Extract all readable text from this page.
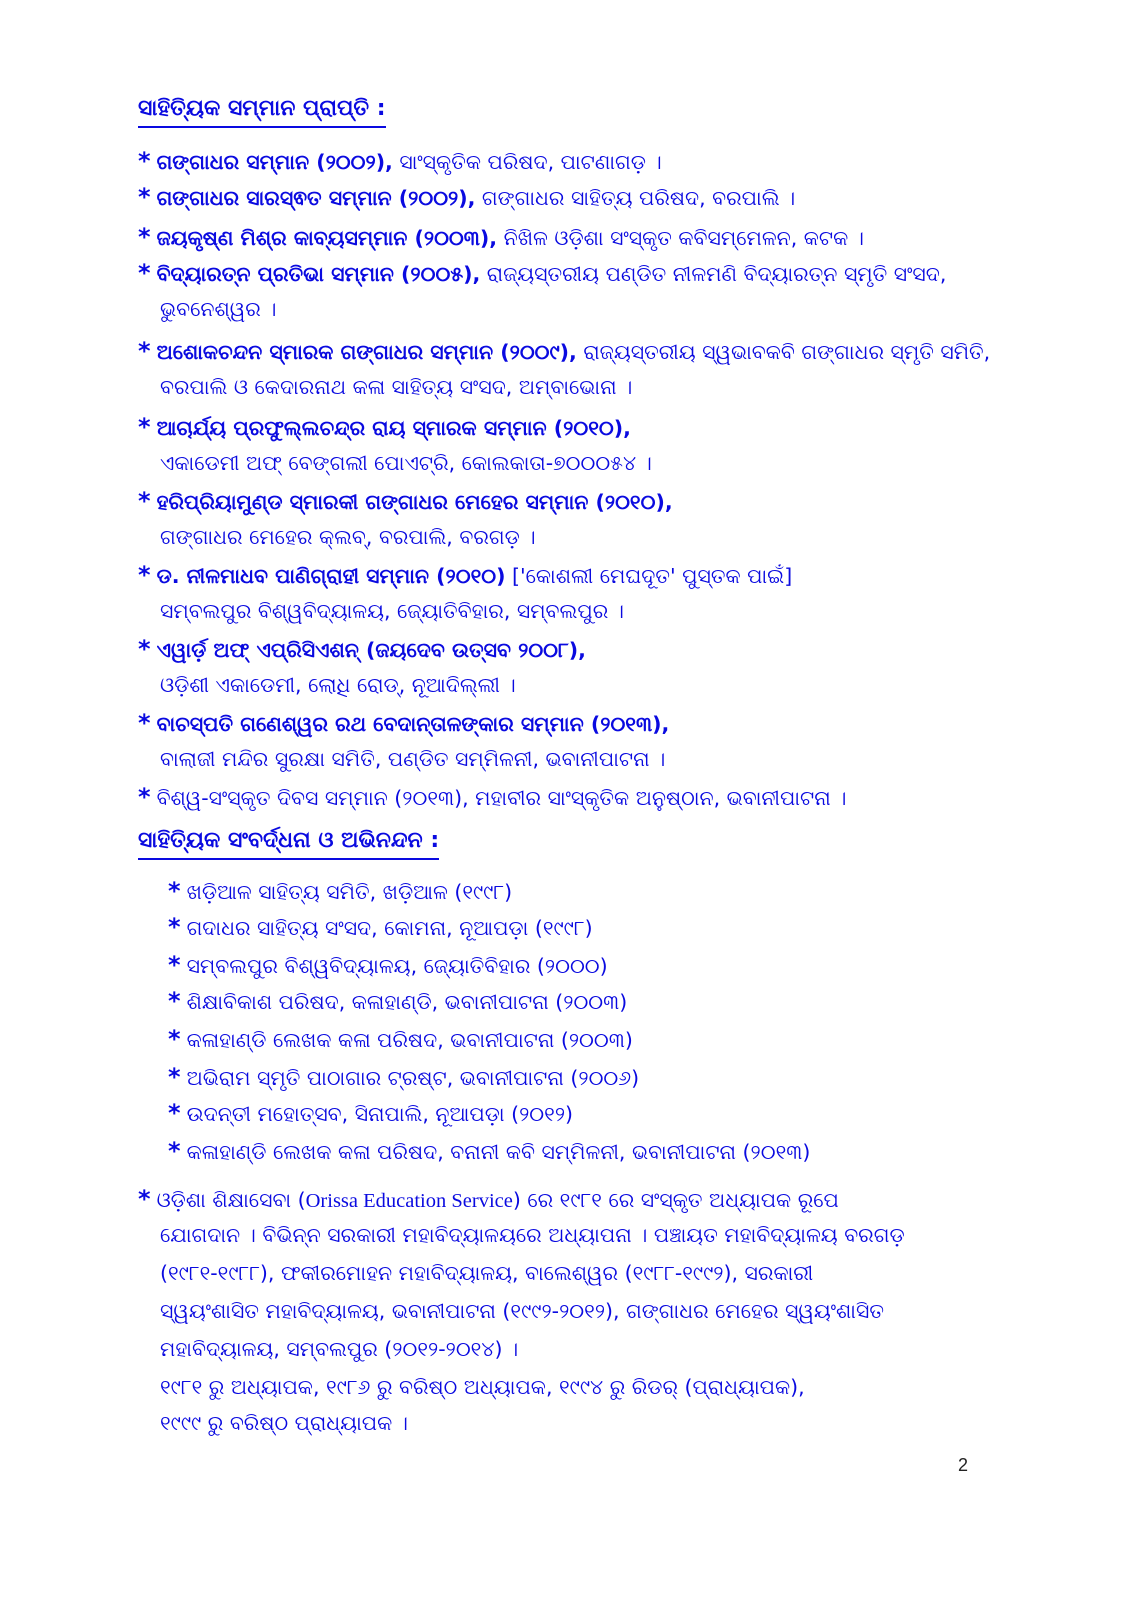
ସାହିତ୍ୟିକ ସମ୍ମାନ ପ୍ରାପ୍ତି :
* ଗଙ୍ଗାଧର ସମ୍ମାନ (୨୦୦୨), ସାଂସ୍କୃତିକ ପରିଷଦ, ପାଟଣାଗଡ଼ ।
* ଗଙ୍ଗାଧର ସାରସ୍ଵତ ସମ୍ମାନ (୨୦୦୨), ଗଙ୍ଗାଧର ସାହିତ୍ୟ ପରିଷଦ, ବରପାଲି ।
* ଜୟକୃଷ୍ଣ ମିଶ୍ର କାବ୍ୟସମ୍ମାନ (୨୦୦୩), ନିଖିଳ ଓଡ଼ିଶା ସଂସ୍କୃତ କବିସମ୍ମେଳନ, କଟକ ।
* ବିଦ୍ୟାରତ୍ନ ପ୍ରତିଭା ସମ୍ମାନ (୨୦୦୫), ରାଜ୍ୟସ୍ତରୀୟ ପଣ୍ଡିତ ନୀଳମଣି ବିଦ୍ୟାରତ୍ନ ସ୍ମୃତି ସଂସଦ,
ଭୁବନେଶ୍ୱର ।
* ଅଶୋକଚନ୍ଦନ ସ୍ମାରକ ଗଙ୍ଗାଧର ସମ୍ମାନ (୨୦୦୯), ରାଜ୍ୟସ୍ତରୀୟ ସ୍ୱଭାବକବି ଗଙ୍ଗାଧର ସ୍ମୃତି ସମିତି,
ବରପାଲି ଓ କେଦାରନାଥ କଳା ସାହିତ୍ୟ ସଂସଦ, ଅମ୍ବାଭୋନା ।
* ଆଚାର୍ଯ୍ୟ ପ୍ରଫୁଲ୍ଲଚନ୍ଦ୍ର ରାୟ ସ୍ମାରକ ସମ୍ମାନ (୨୦୧୦),
ଏକାଡେମୀ ଅଫ୍ ବେଙ୍ଗଲୀ ପୋଏଟ୍ରି, କୋଲକାତା-୭୦୦୦୫୪ ।
* ହରିପ୍ରିୟାମୁଣ୍ଡ ସ୍ମାରକୀ ଗଙ୍ଗାଧର ମେହେର ସମ୍ମାନ (୨୦୧୦),
ଗଙ୍ଗାଧର ମେହେର କ୍ଲବ୍, ବରପାଲି, ବରଗଡ଼ ।
* ଡ. ନୀଳମାଧବ ପାଣିଗ୍ରାହୀ ସମ୍ମାନ (୨୦୧୦) ['କୋଶଲୀ ମେଘଦୂତ' ପୁସ୍ତକ ପାଇଁ]
ସମ୍ବଲପୁର ବିଶ୍ୱବିଦ୍ୟାଳୟ, ଜ୍ୟୋତିବିହାର, ସମ୍ବଲପୁର ।
* ଏୱାର୍ଡ଼ ଅଫ୍ ଏପ୍ରିସିଏଶନ୍ (ଜୟଦେବ ଉତ୍ସବ ୨୦୦୮),
ଓଡ଼ିଶୀ ଏକାଡେମୀ, ଲୋଧି ରୋଡ୍, ନୂଆଦିଲ୍ଲୀ ।
* ବାଚସ୍ପତି ଗଣେଶ୍ୱର ରଥ ବେଦାନ୍ତାଳଙ୍କାର ସମ୍ମାନ (୨୦୧୩),
ବାଲାଜୀ ମନ୍ଦିର ସୁରକ୍ଷା ସମିତି, ପଣ୍ଡିତ ସମ୍ମିଳନୀ, ଭବାନୀପାଟନା ।
* ବିଶ୍ୱ-ସଂସ୍କୃତ ଦିବସ ସମ୍ମାନ (୨୦୧୩), ମହାବୀର ସାଂସ୍କୃତିକ ଅନୁଷ୍ଠାନ, ଭବାନୀପାଟନା ।
ସାହିତ୍ୟିକ ସଂବର୍ଦ୍ଧନା ଓ ଅଭିନନ୍ଦନ :
* ଖଡ଼ିଆଳ ସାହିତ୍ୟ ସମିତି, ଖଡ଼ିଆଳ (୧୯୯୮)
* ଗଦାଧର ସାହିତ୍ୟ ସଂସଦ, କୋମନା, ନୂଆପଡ଼ା (୧୯୯୮)
* ସମ୍ବଲପୁର ବିଶ୍ୱବିଦ୍ୟାଳୟ, ଜ୍ୟୋତିବିହାର (୨୦୦୦)
* ଶିକ୍ଷାବିକାଶ ପରିଷଦ, କଳାହାଣ୍ଡି, ଭବାନୀପାଟନା (୨୦୦୩)
* କଳାହାଣ୍ଡି ଲେଖକ କଳା ପରିଷଦ, ଭବାନୀପାଟନା (୨୦୦୩)
* ଅଭିରାମ ସ୍ମୃତି ପାଠାଗାର ଟ୍ରଷ୍ଟ, ଭବାନୀପାଟନା (୨୦୦୬)
* ଉଦନ୍ତୀ ମହୋତ୍ସବ, ସିନାପାଲି, ନୂଆପଡ଼ା (୨୦୧୨)
* କଳାହାଣ୍ଡି ଲେଖକ କଳା ପରିଷଦ, ବନାନୀ କବି ସମ୍ମିଳନୀ, ଭବାନୀପାଟନା (୨୦୧୩)
* ଓଡ଼ିଶା ଶିକ୍ଷାସେବା (Orissa Education Service) ରେ ୧୯୮୧ ରେ ସଂସ୍କୃତ ଅଧ୍ୟାପକ ରୂପେ
ଯୋଗଦାନ । ବିଭିନ୍ନ ସରକାରୀ ମହାବିଦ୍ୟାଳୟରେ ଅଧ୍ୟାପନା । ପଞ୍ଚାୟତ ମହାବିଦ୍ୟାଳୟ ବରଗଡ଼
(୧୯୮୧-୧୯୮୮), ଫକୀରମୋହନ ମହାବିଦ୍ୟାଳୟ, ବାଲେଶ୍ୱର (୧୯୮୮-୧୯୯୨), ସରକାରୀ
ସ୍ୱୟଂଶାସିତ ମହାବିଦ୍ୟାଳୟ, ଭବାନୀପାଟନା (୧୯୯୨-୨୦୧୨), ଗଙ୍ଗାଧର ମେହେର ସ୍ୱୟଂଶାସିତ
ମହାବିଦ୍ୟାଳୟ, ସମ୍ବଲପୁର (୨୦୧୨-୨୦୧୪) ।
୧୯୮୧ ରୁ ଅଧ୍ୟାପକ, ୧୯୮୬ ରୁ ବରିଷ୍ଠ ଅଧ୍ୟାପକ, ୧୯୯୪ ରୁ ରିଡର୍ (ପ୍ରାଧ୍ୟାପକ),
୧୯୯୯ ରୁ ବରିଷ୍ଠ ପ୍ରାଧ୍ୟାପକ ।
2
